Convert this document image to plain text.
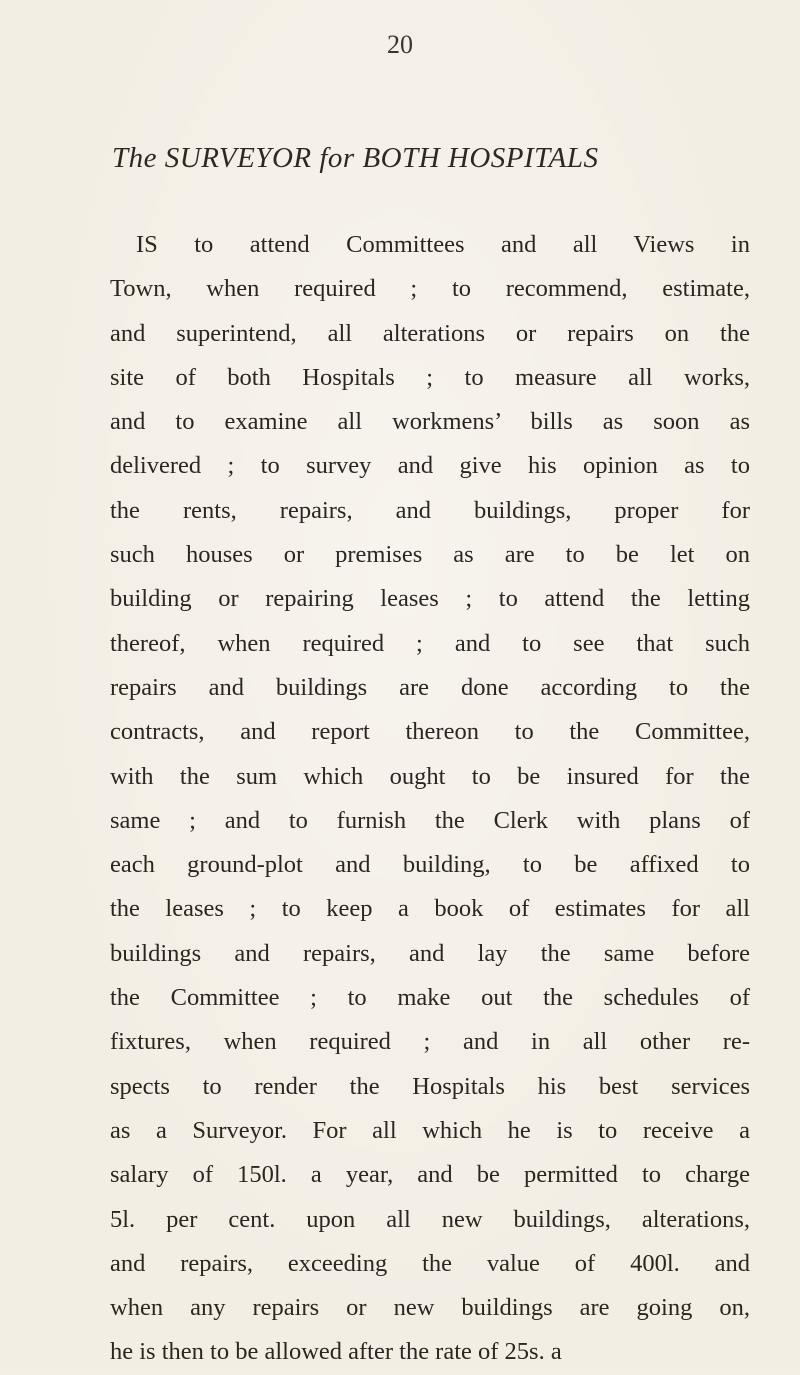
20
The SURVEYOR for BOTH HOSPITALS
IS to attend Committees and all Views in
Town, when required ; to recommend, estimate,
and superintend, all alterations or repairs on the
site of both Hospitals ; to measure all works,
and to examine all workmens’ bills as soon as
delivered ; to survey and give his opinion as to
the rents, repairs, and buildings, proper for
such houses or premises as are to be let on
building or repairing leases ; to attend the letting
thereof, when required ; and to see that such
repairs and buildings are done according to the
contracts, and report thereon to the Committee,
with the sum which ought to be insured for the
same ; and to furnish the Clerk with plans of
each ground-plot and building, to be affixed to
the leases ; to keep a book of estimates for all
buildings and repairs, and lay the same before
the Committee ; to make out the schedules of
fixtures, when required ; and in all other re-
spects to render the Hospitals his best services
as a Surveyor. For all which he is to receive a
salary of 150l. a year, and be permitted to charge
5l. per cent. upon all new buildings, alterations,
and repairs, exceeding the value of 400l. and
when any repairs or new buildings are going on,
he is then to be allowed after the rate of 25s. a
